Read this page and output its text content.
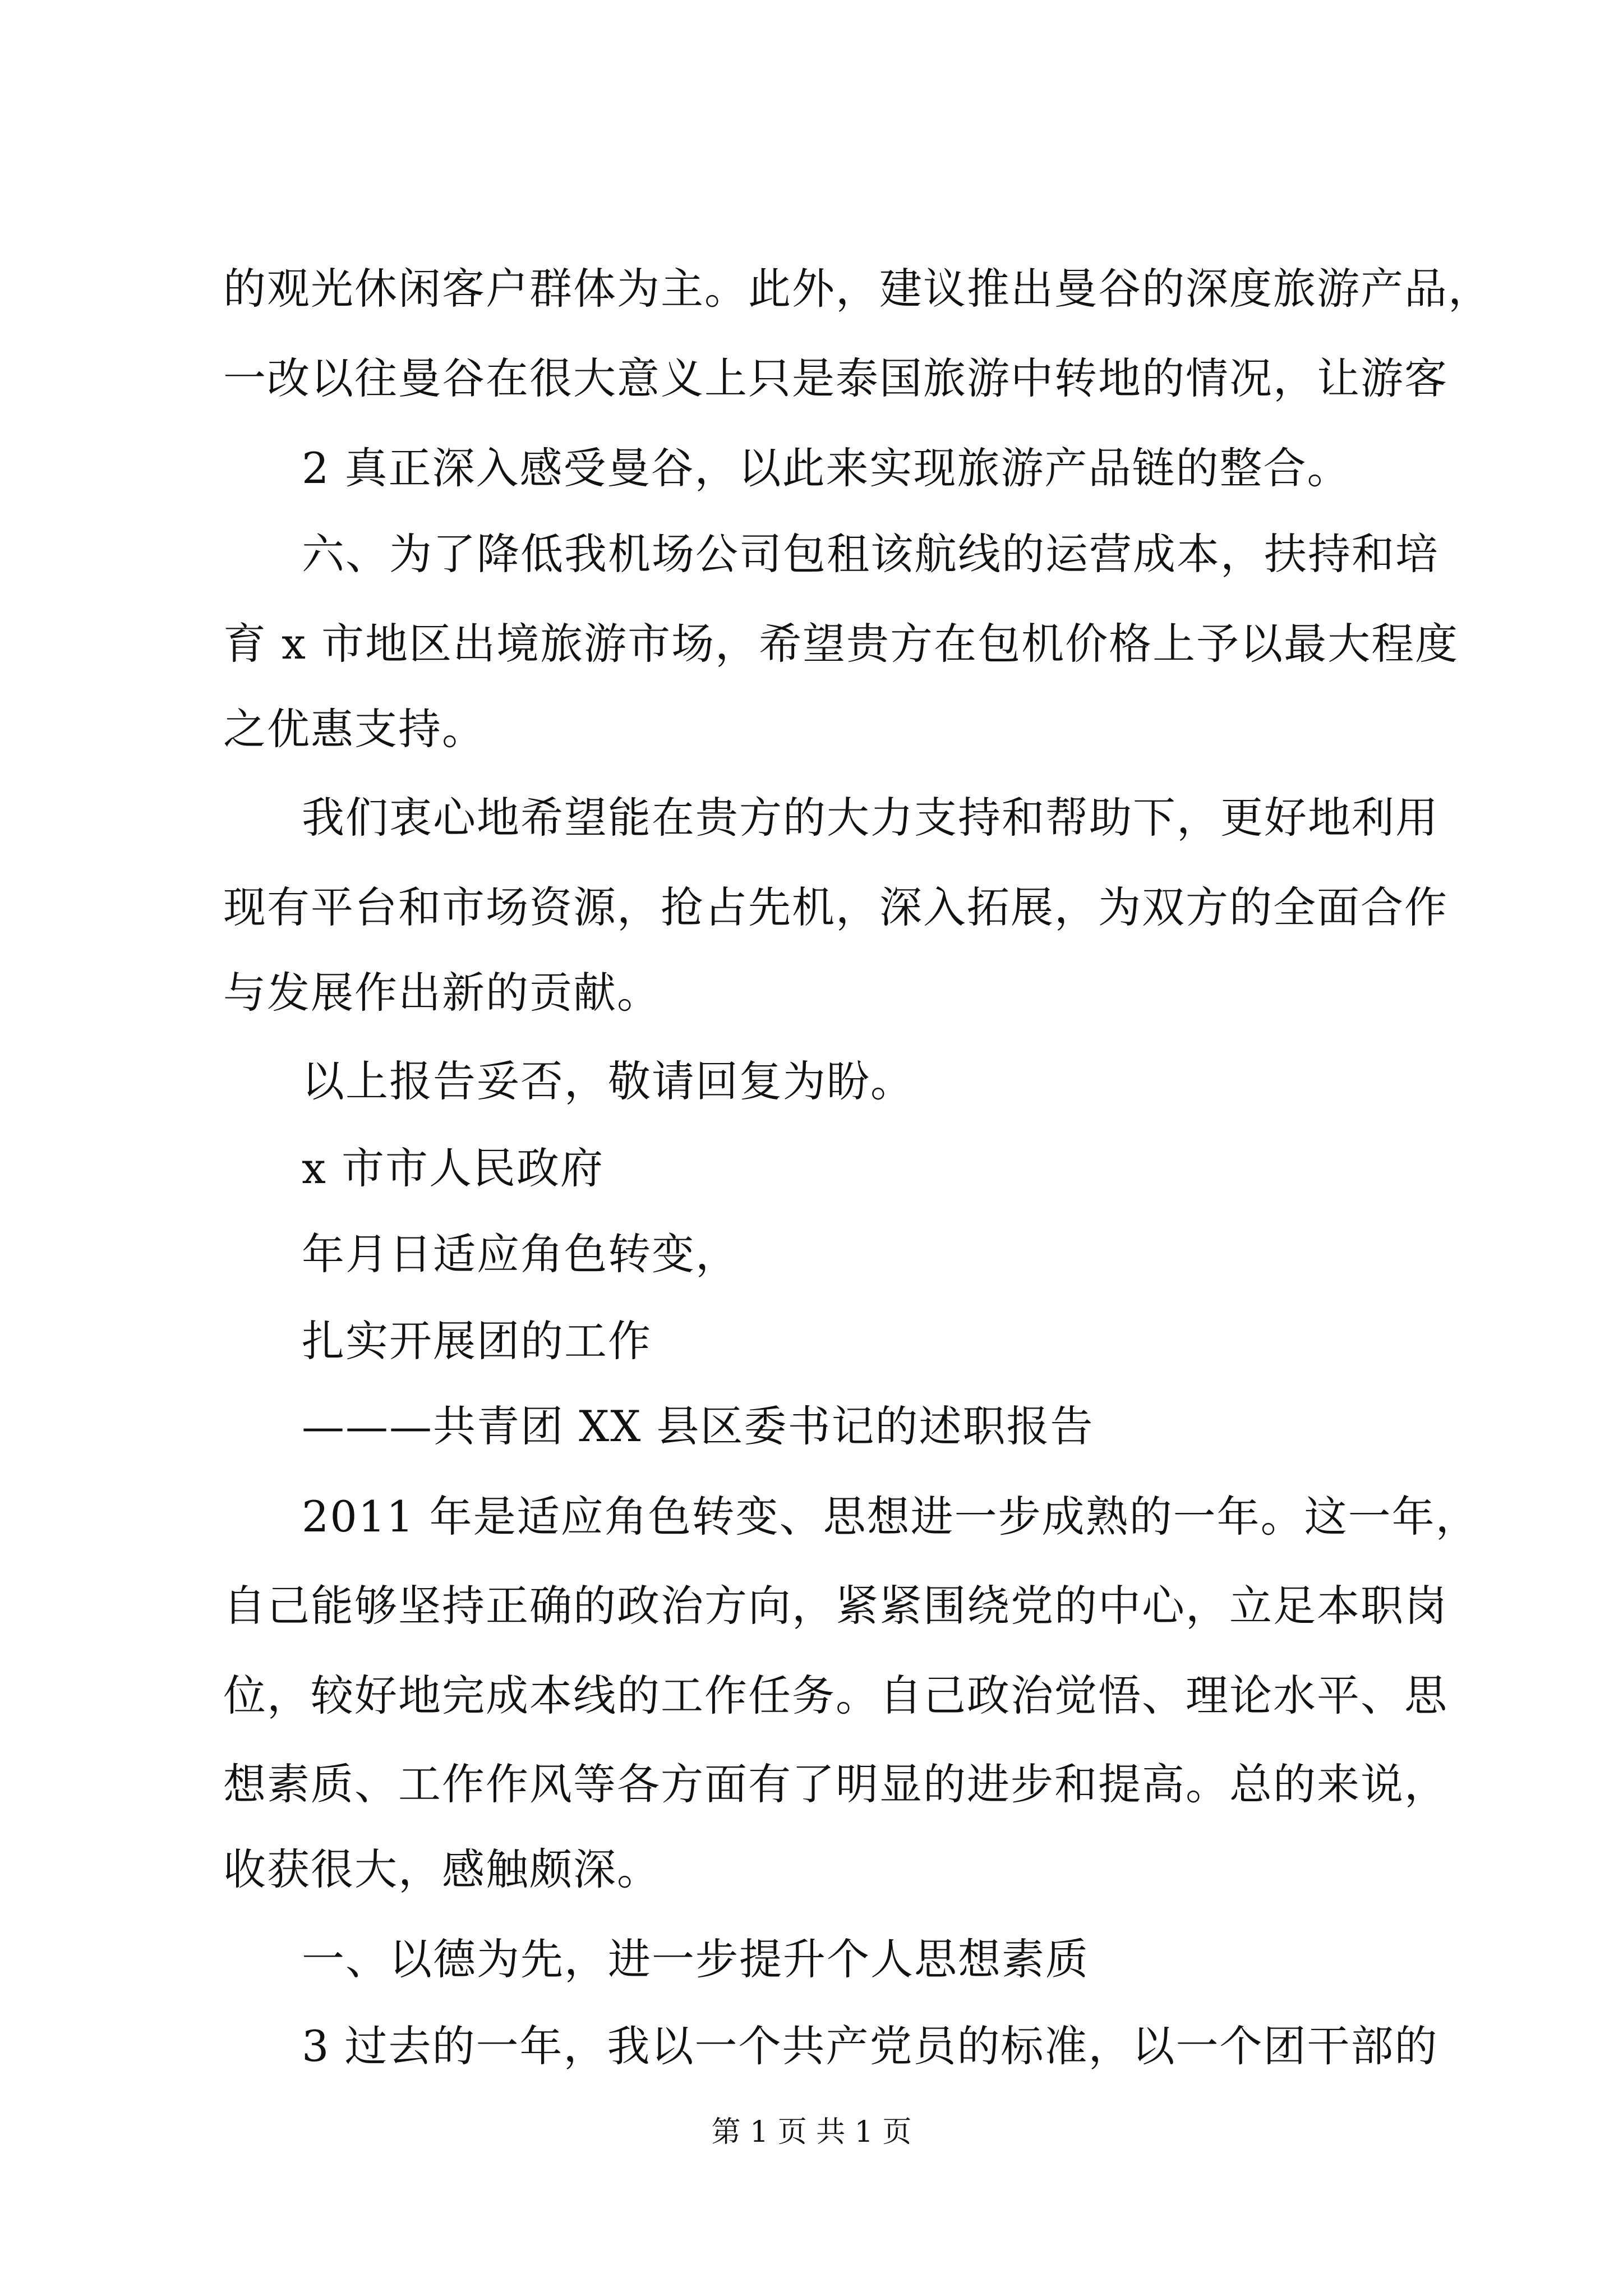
的观光休闲客户群体为主。此外，建议推出曼谷的深度旅游产品，
一改以往曼谷在很大意义上只是泰国旅游中转地的情况，让游客
2 真正深入感受曼谷，以此来实现旅游产品链的整合。
六、为了降低我机场公司包租该航线的运营成本，扶持和培
育 x 市地区出境旅游市场，希望贵方在包机价格上予以最大程度
之优惠支持。
我们衷心地希望能在贵方的大力支持和帮助下，更好地利用
现有平台和市场资源，抢占先机，深入拓展，为双方的全面合作
与发展作出新的贡献。
以上报告妥否，敬请回复为盼。
x 市市人民政府
年月日适应角色转变，
扎实开展团的工作
———共青团 XX 县区委书记的述职报告
2011 年是适应角色转变、思想进一步成熟的一年。这一年，
自己能够坚持正确的政治方向，紧紧围绕党的中心，立足本职岗
位，较好地完成本线的工作任务。自己政治觉悟、理论水平、思
想素质、工作作风等各方面有了明显的进步和提高。总的来说，
收获很大，感触颇深。
一、以德为先，进一步提升个人思想素质
3 过去的一年，我以一个共产党员的标准，以一个团干部的
第 1 页 共 1 页
